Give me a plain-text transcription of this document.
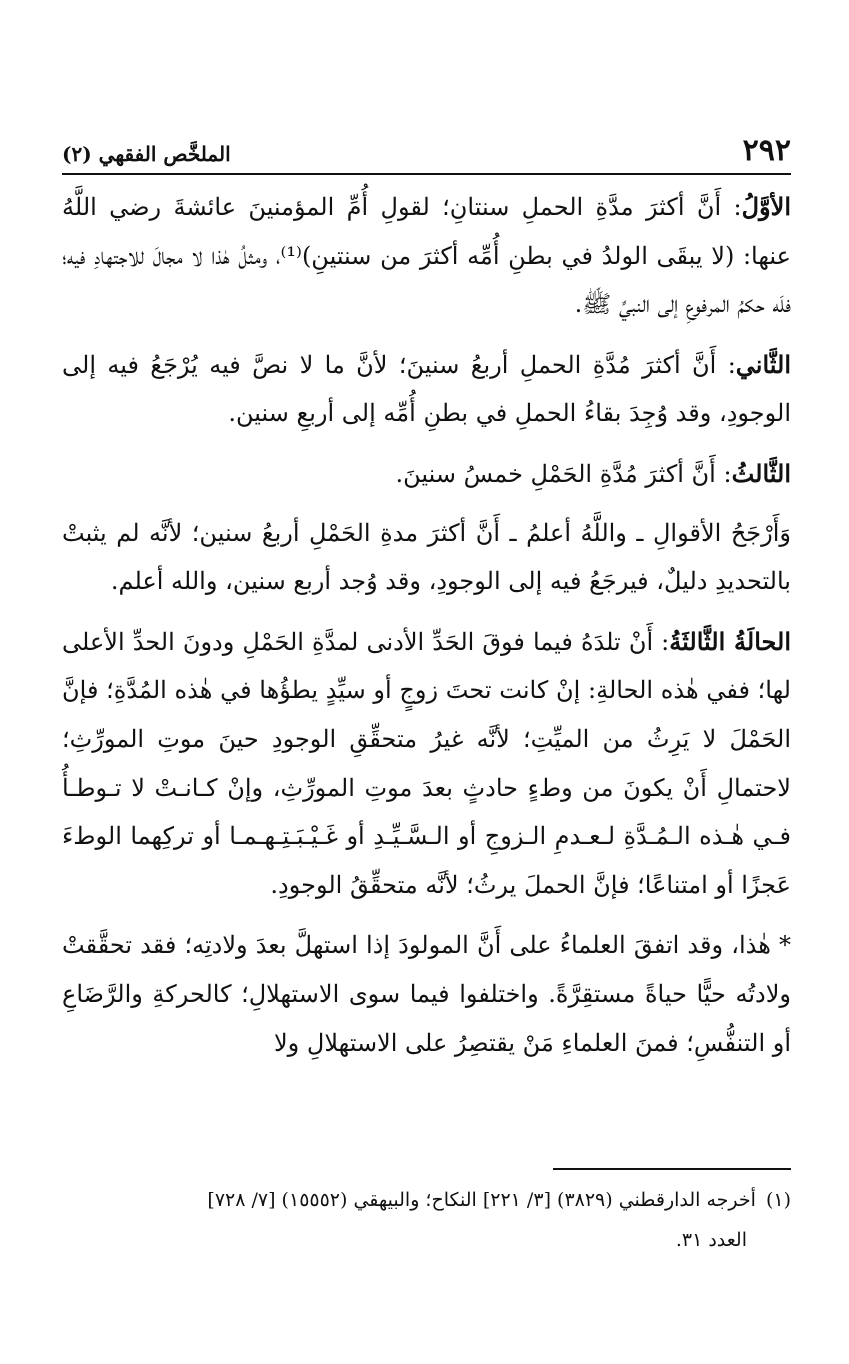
٢٩٢
الملخَّص الفقهي (٢)

الأوَّلُ: أَنَّ أكثرَ مدَّةِ الحملِ سنتانِ؛ لقولِ أُمِّ المؤمنينَ عائشةَ رضي اللَّهُ عنها: (لا يبقَى الولدُ في بطنِ أُمِّه أكثرَ من سنتينِ)⁽¹⁾، ومثلُ هٰذا لا مجالَ للاجتهادِ فيه؛ فلَه حكمُ المرفوعِ إلى النبيِّ ﷺ.

الثَّاني: أَنَّ أكثرَ مُدَّةِ الحملِ أربعُ سنينَ؛ لأنَّ ما لا نصَّ فيه يُرْجَعُ فيه إلى الوجودِ، وقد وُجِدَ بقاءُ الحملِ في بطنِ أُمِّه إلى أربعِ سنين.

الثَّالثُ: أَنَّ أكثرَ مُدَّةِ الحَمْلِ خمسُ سنينَ.

وَأَرْجَحُ الأقوالِ ـ واللَّهُ أعلمُ ـ أَنَّ أكثرَ مدةِ الحَمْلِ أربعُ سنين؛ لأنَّه لم يثبتْ بالتحديدِ دليلٌ، فيرجَعُ فيه إلى الوجودِ، وقد وُجد أربع سنين، والله أعلم.

الحالَةُ الثَّالثَةُ: أَنْ تلدَهُ فيما فوقَ الحَدِّ الأدنى لمدَّةِ الحَمْلِ ودونَ الحدِّ الأعلى لها؛ ففي هٰذه الحالةِ: إنْ كانت تحتَ زوجٍ أو سيِّدٍ يطؤُها في هٰذه المُدَّةِ؛ فإنَّ الحَمْلَ لا يَرِثُ من الميِّتِ؛ لأنَّه غيرُ متحقِّقِ الوجودِ حينَ موتِ المورِّثِ؛ لاحتمالِ أَنْ يكونَ من وطءٍ حادثٍ بعدَ موتِ المورِّثِ، وإنْ كـانـتْ لا تـوطـأُ فـي هٰـذه الـمُـدَّةِ لـعـدمِ الـزوجِ أو الـسَّـيِّـدِ أو غَـيْـبَـتِـهـمـا أو تركِهما الوطءَ عَجزًا أو امتناعًا؛ فإنَّ الحملَ يرثُ؛ لأنَّه متحقِّقُ الوجودِ.

* هٰذا، وقد اتفقَ العلماءُ على أَنَّ المولودَ إذا استهلَّ بعدَ ولادتِه؛ فقد تحقَّقتْ ولادتُه حيًّا حياةً مستقِرَّةً. واختلفوا فيما سوى الاستهلالِ؛ كالحركةِ والرَّضَاعِ أو التنفُّسِ؛ فمنَ العلماءِ مَنْ يقتصِرُ على الاستهلالِ ولا

(١)أخرجه الدارقطني (٣٨٢٩) [٣/ ٢٢١] النكاح؛ والبيهقي (١٥٥٥٢) [٧/ ٧٢٨]
العدد ٣١.
